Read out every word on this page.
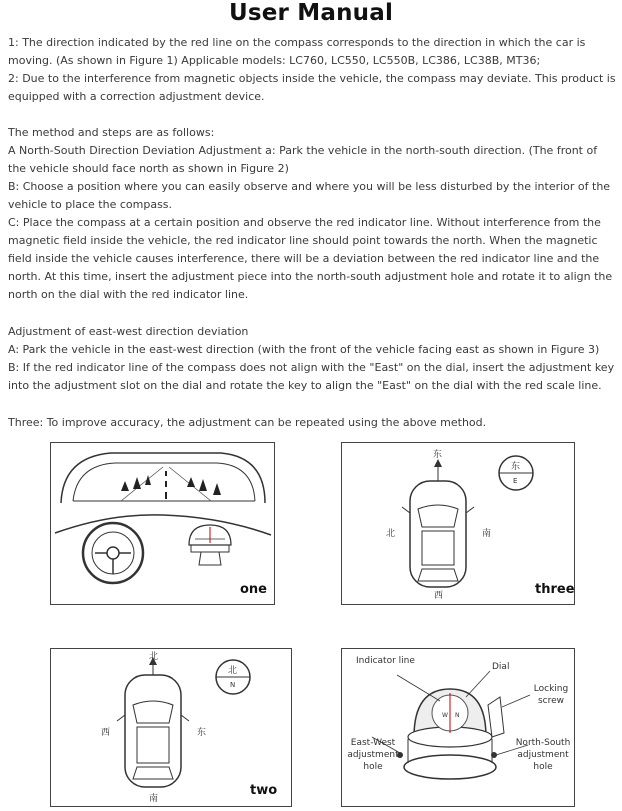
User Manual

1: The direction indicated by the red line on the compass corresponds to the direction in which the car is moving. (As shown in Figure 1) Applicable models: LC760, LC550, LC550B, LC386, LC38B, MT36;

2: Due to the interference from magnetic objects inside the vehicle, the compass may deviate. This product is equipped with a correction adjustment device.

The method and steps are as follows:

A North-South Direction Deviation Adjustment a: Park the vehicle in the north-south direction. (The front of the vehicle should face north as shown in Figure 2)

B: Choose a position where you can easily observe and where you will be less disturbed by the interior of the vehicle to place the compass.

C: Place the compass at a certain position and observe the red indicator line. Without interference from the magnetic field inside the vehicle, the red indicator line should point towards the north. When the magnetic field inside the vehicle causes interference, there will be a deviation between the red indicator line and the north. At this time, insert the adjustment piece into the north-south adjustment hole and rotate it to align the north on the dial with the red indicator line.

Adjustment of east-west direction deviation

A: Park the vehicle in the east-west direction (with the front of the vehicle facing east as shown in Figure 3)

B: If the red indicator line of the compass does not align with the "East" on the dial, insert the adjustment key into the adjustment slot on the dial and rotate the key to align the "East" on the dial with the red scale line.

Three: To improve accuracy, the adjustment can be repeated using the above method.
one
东
北	南
西
东
E
three
北
西	东
南
北
N
two
W N
Indicator line
Dial
Locking screw
East-West adjustment hole
North-South adjustment hole
